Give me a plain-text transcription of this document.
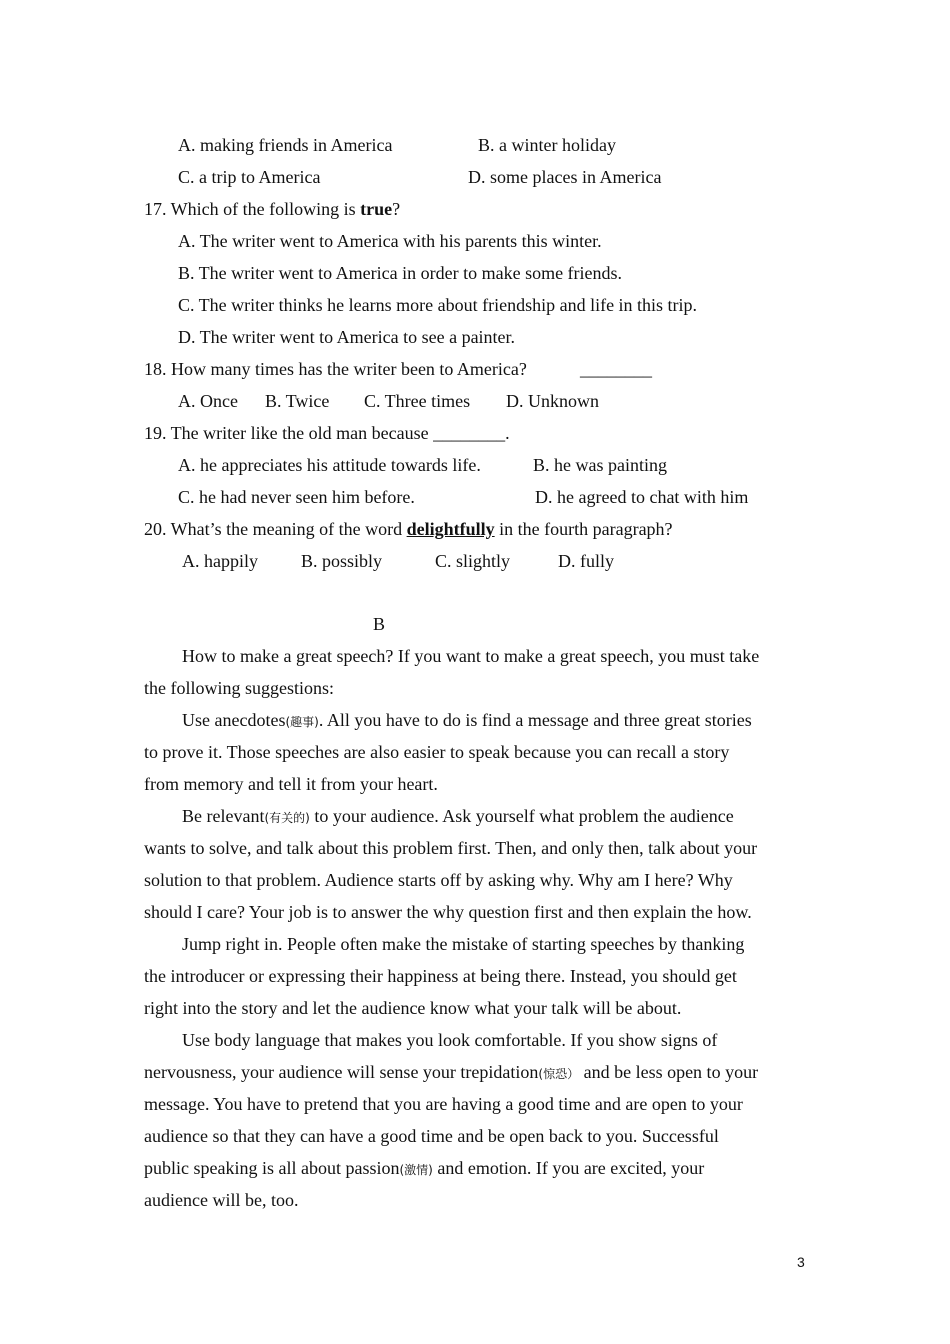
A. making friends in America	B. a winter holiday
C. a trip to America	D. some places in America
17. Which of the following is true?
A. The writer went to America with his parents this winter.
B. The writer went to America in order to make some friends.
C. The writer thinks he learns more about friendship and life in this trip.
D. The writer went to America to see a painter.
18. How many times has the writer been to America?	________
A. Once B. Twice C. Three times D. Unknown
19. The writer like the old man because ________.
A. he appreciates his attitude towards life.	B. he was painting
C. he had never seen him before.	D. he agreed to chat with him
20. What’s the meaning of the word delightfully in the fourth paragraph?
A. happily B. possibly	C. slightly	D. fully
B
How to make a great speech? If you want to make a great speech, you must take
the following suggestions:
Use anecdotes(趣事). All you have to do is find a message and three great stories
to prove it. Those speeches are also easier to speak because you can recall a story
from memory and tell it from your heart.
Be relevant(有关的) to your audience. Ask yourself what problem the audience
wants to solve, and talk about this problem first. Then, and only then, talk about your
solution to that problem. Audience starts off by asking why. Why am I here? Why
should I care? Your job is to answer the why question first and then explain the how.
Jump right in. People often make the mistake of starting speeches by thanking
the introducer or expressing their happiness at being there. Instead, you should get
right into the story and let the audience know what your talk will be about.
Use body language that makes you look comfortable. If you show signs of
nervousness, your audience will sense your trepidation(惊恐） and be less open to your
message. You have to pretend that you are having a good time and are open to your
audience so that they can have a good time and be open back to you. Successful
public speaking is all about passion(激情) and emotion. If you are excited, your
audience will be, too.
3
